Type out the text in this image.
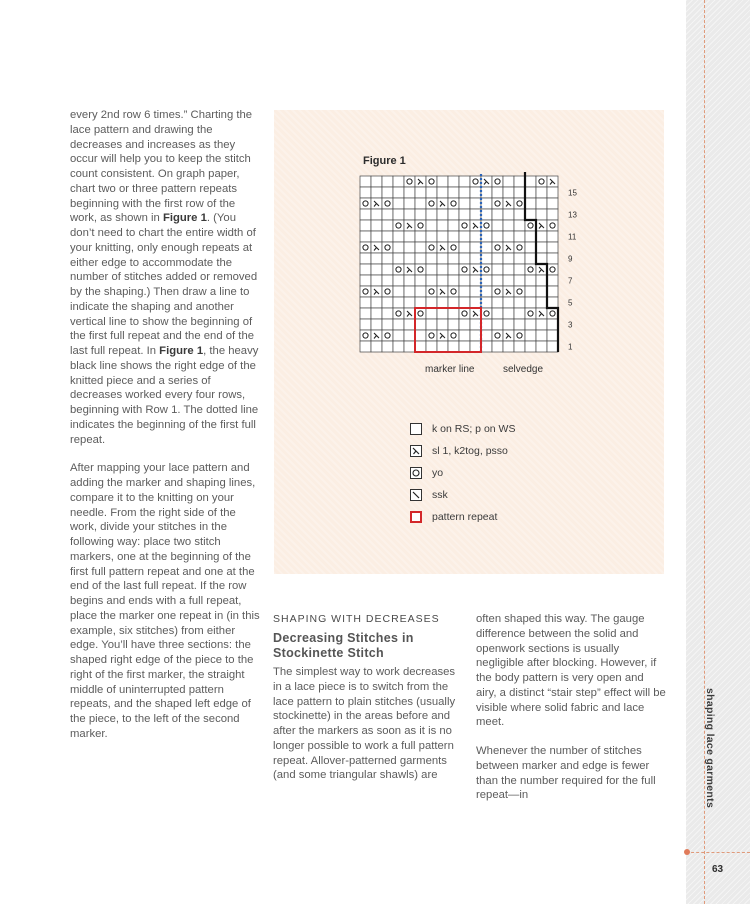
every 2nd row 6 times.” Charting the lace pattern and drawing the decreases and increases as they occur will help you to keep the stitch count consistent. On graph paper, chart two or three pattern repeats beginning with the first row of the work, as shown in Figure 1. (You don’t need to chart the entire width of your knitting, only enough repeats at either edge to accommodate the number of stitches added or removed by the shaping.) Then draw a line to indicate the shaping and another vertical line to show the beginning of the first full repeat and the end of the last full repeat. In Figure 1, the heavy black line shows the right edge of the knitted piece and a series of decreases worked every four rows, beginning with Row 1. The dotted line indicates the beginning of the first full repeat.

After mapping your lace pattern and adding the marker and shaping lines, compare it to the knitting on your needle. From the right side of the work, divide your stitches in the following way: place two stitch markers, one at the beginning of the first full pattern repeat and one at the end of the last full repeat. If the row begins and ends with a full repeat, place the marker one repeat in (in this example, six stitches) from either edge. You’ll have three sections: the shaped right edge of the piece to the right of the first marker, the straight middle of uninterrupted pattern repeats, and the shaped left edge of the piece, to the left of the second marker.

Figure 1
15
13
11
9
7
5
3
1
marker line	selvedge
k on RS; p on WS
sl 1, k2tog, psso
yo
ssk
pattern repeat
SHAPING WITH DECREASES
Decreasing Stitches in Stockinette Stitch
The simplest way to work decreases in a lace piece is to switch from the lace pattern to plain stitches (usually stockinette) in the areas before and after the markers as soon as it is no longer possible to work a full pattern repeat. Allover-patterned garments (and some triangular shawls) are

often shaped this way. The gauge difference between the solid and openwork sections is usually negligible after blocking. However, if the body pattern is very open and airy, a distinct “stair step” effect will be visible where solid fabric and lace meet.

Whenever the number of stitches between marker and edge is fewer than the number required for the full repeat—in	shaping lace garments
63
